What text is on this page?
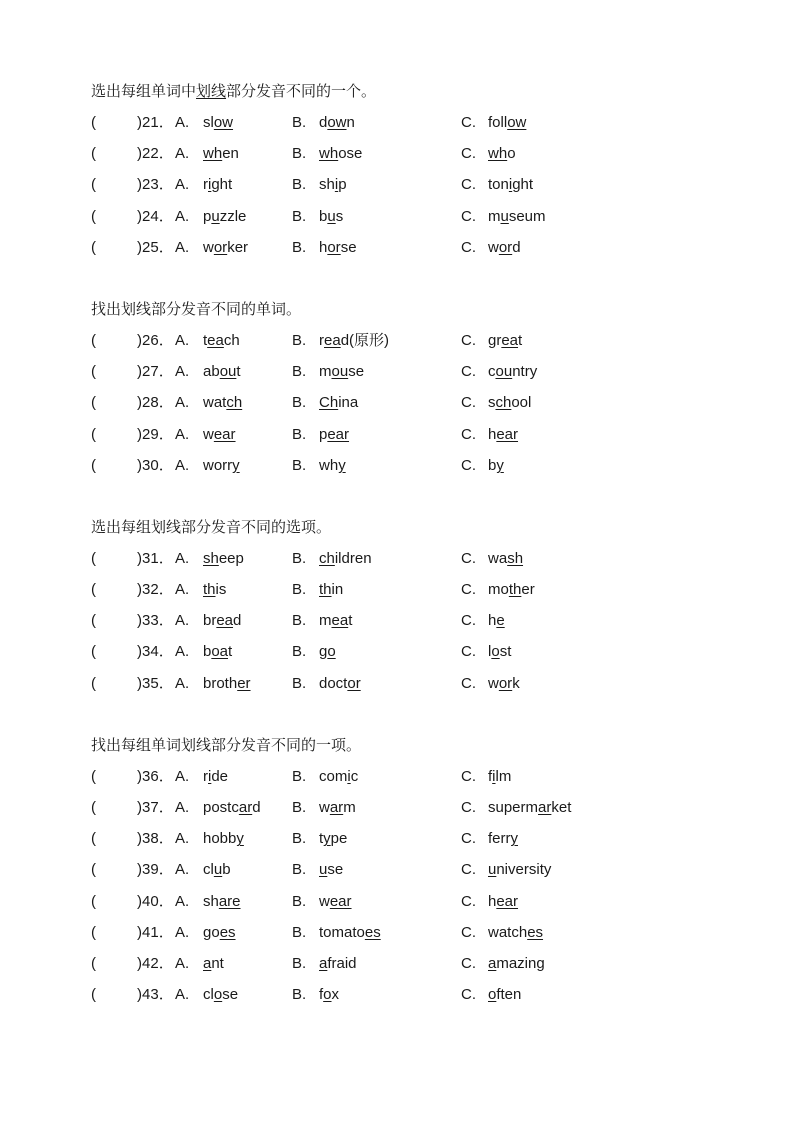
选出每组单词中划线部分发音不同的一个。
(	)21． A. slow	B. down	C. follow
(	)22． A. when	B. whose	C. who
(	)23． A. right	B. ship	C. tonight
(	)24． A. puzzle	B. bus	C. museum
(	)25． A. worker	B. horse	C. word
找出划线部分发音不同的单词。
(	)26． A. teach	B. read(原形)	C. great
(	)27． A. about	B. mouse	C. country
(	)28． A. watch	B. China	C. school
(	)29． A. wear	B. pear	C. hear
(	)30． A. worry	B. why	C. by
选出每组划线部分发音不同的选项。
(	)31． A. sheep	B. children	C. wash
(	)32． A. this	B. thin	C. mother
(	)33． A. bread	B. meat	C. he
(	)34． A. boat	B. go	C. lost
(	)35． A. brother	B. doctor	C. work
找出每组单词划线部分发音不同的一项。
(	)36． A. ride	B. comic	C. film
(	)37． A. postcard B. warm	C. supermarket
(	)38． A. hobby	B. type	C. ferry
(	)39． A. club	B. use	C. university
(	)40． A. share	B. wear	C. hear
(	)41． A. goes	B. tomatoes	C. watches
(	)42． A. ant	B. afraid	C. amazing
(	)43． A. close	B. fox	C. often
